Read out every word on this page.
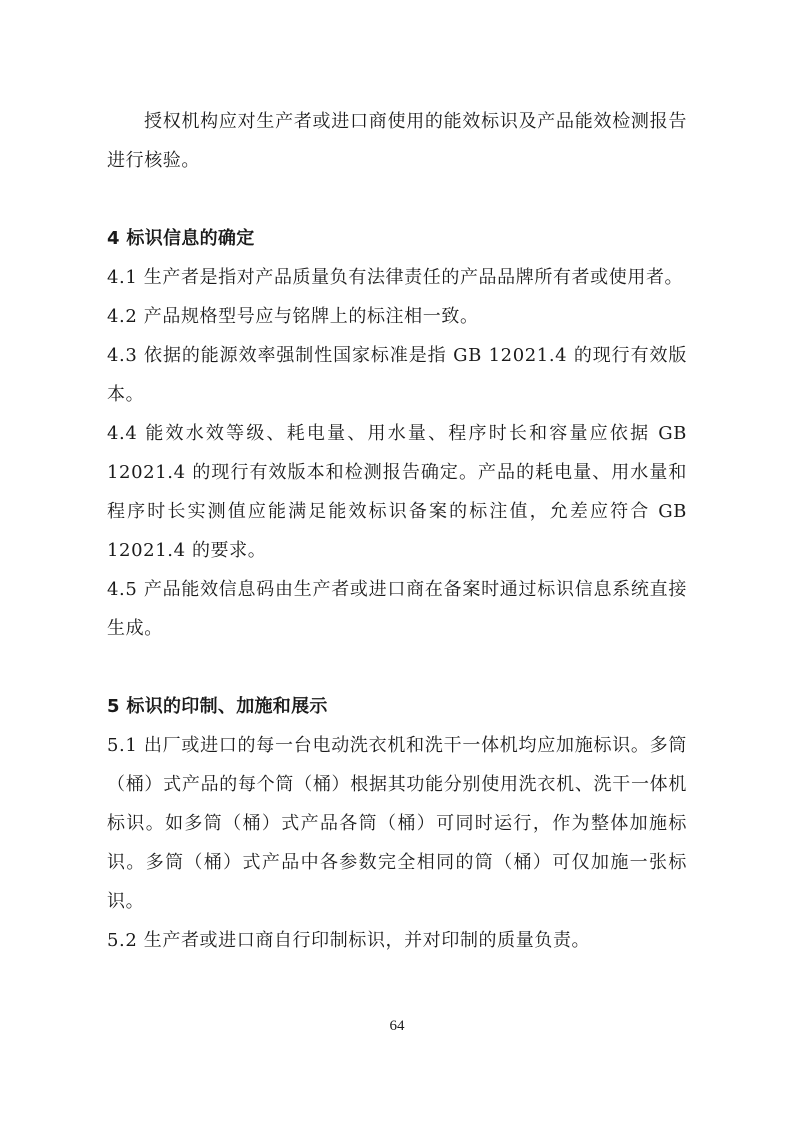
授权机构应对生产者或进口商使用的能效标识及产品能效检测报告进行核验。

4 标识信息的确定

4.1 生产者是指对产品质量负有法律责任的产品品牌所有者或使用者。

4.2 产品规格型号应与铭牌上的标注相一致。

4.3 依据的能源效率强制性国家标准是指 GB 12021.4 的现行有效版本。

4.4 能效水效等级、耗电量、用水量、程序时长和容量应依据 GB 12021.4 的现行有效版本和检测报告确定。产品的耗电量、用水量和程序时长实测值应能满足能效标识备案的标注值，允差应符合 GB 12021.4 的要求。

4.5 产品能效信息码由生产者或进口商在备案时通过标识信息系统直接生成。

5 标识的印制、加施和展示

5.1 出厂或进口的每一台电动洗衣机和洗干一体机均应加施标识。多筒（桶）式产品的每个筒（桶）根据其功能分别使用洗衣机、洗干一体机标识。如多筒（桶）式产品各筒（桶）可同时运行，作为整体加施标识。多筒（桶）式产品中各参数完全相同的筒（桶）可仅加施一张标识。

5.2 生产者或进口商自行印制标识，并对印制的质量负责。

64
